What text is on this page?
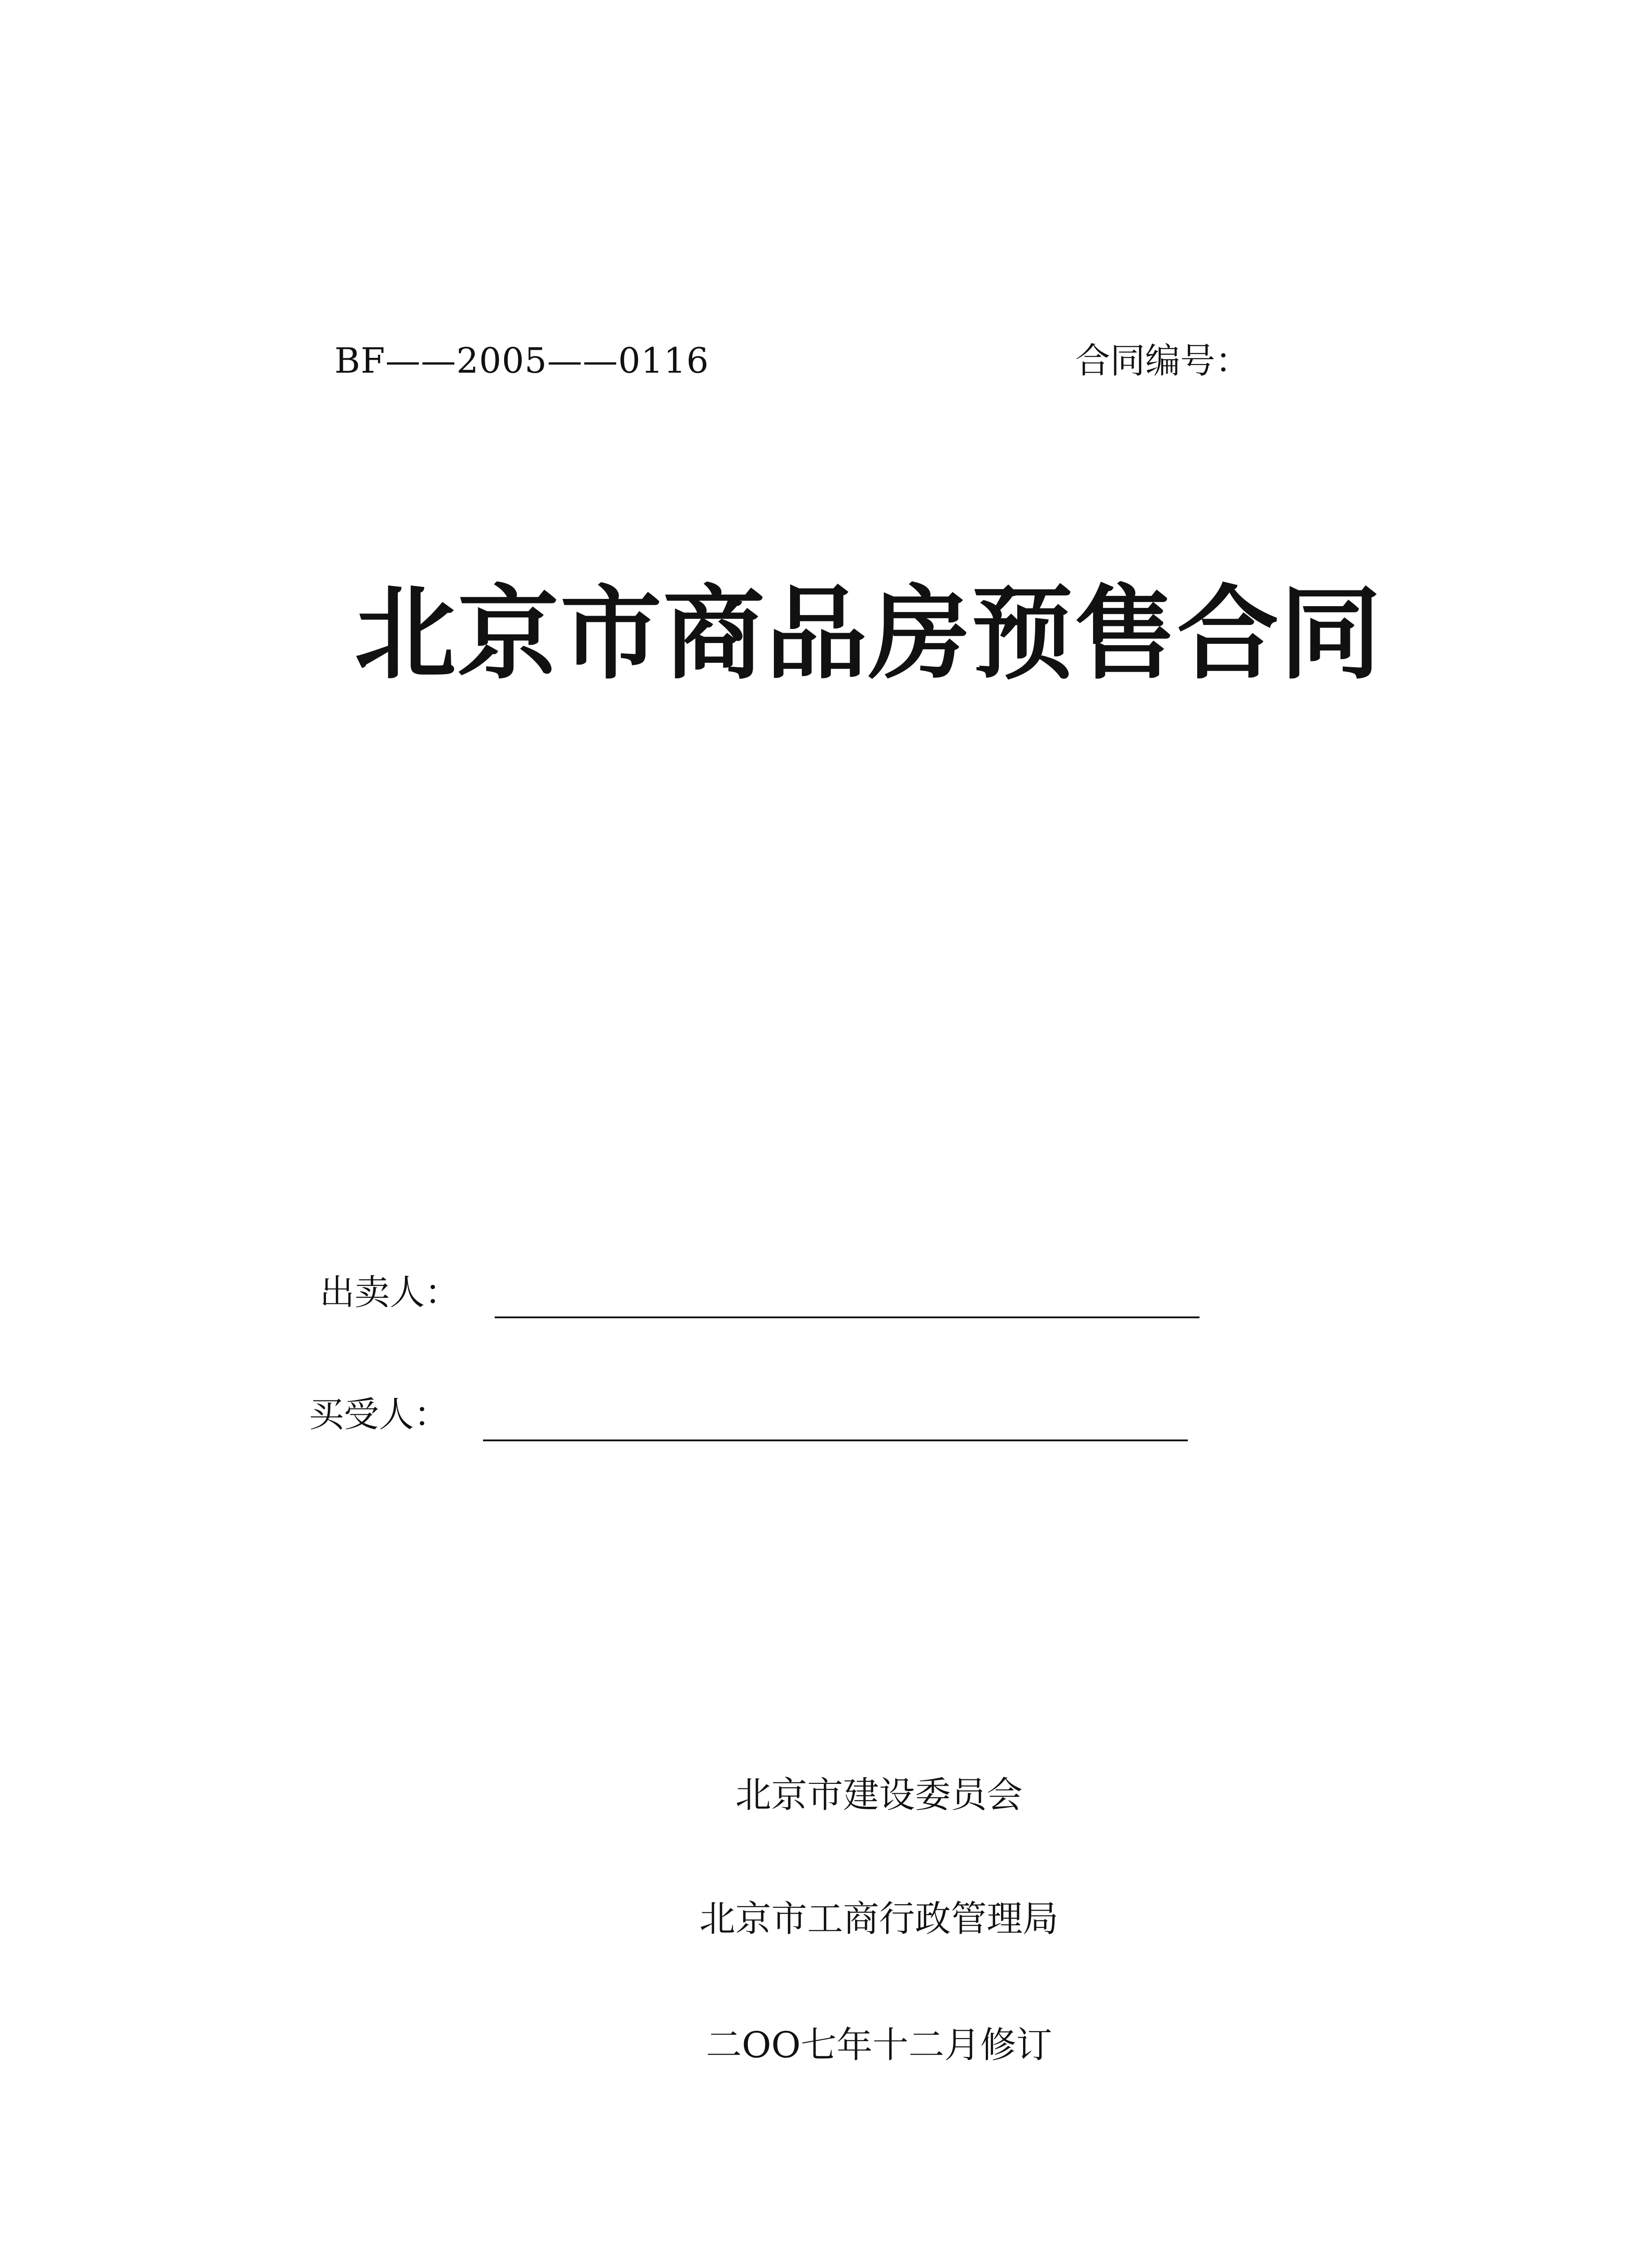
BF——2005——0116	合同编号：
北京市商品房预售合同
出卖人：
买受人：
北京市建设委员会
北京市工商行政管理局
二OO七年十二月修订
